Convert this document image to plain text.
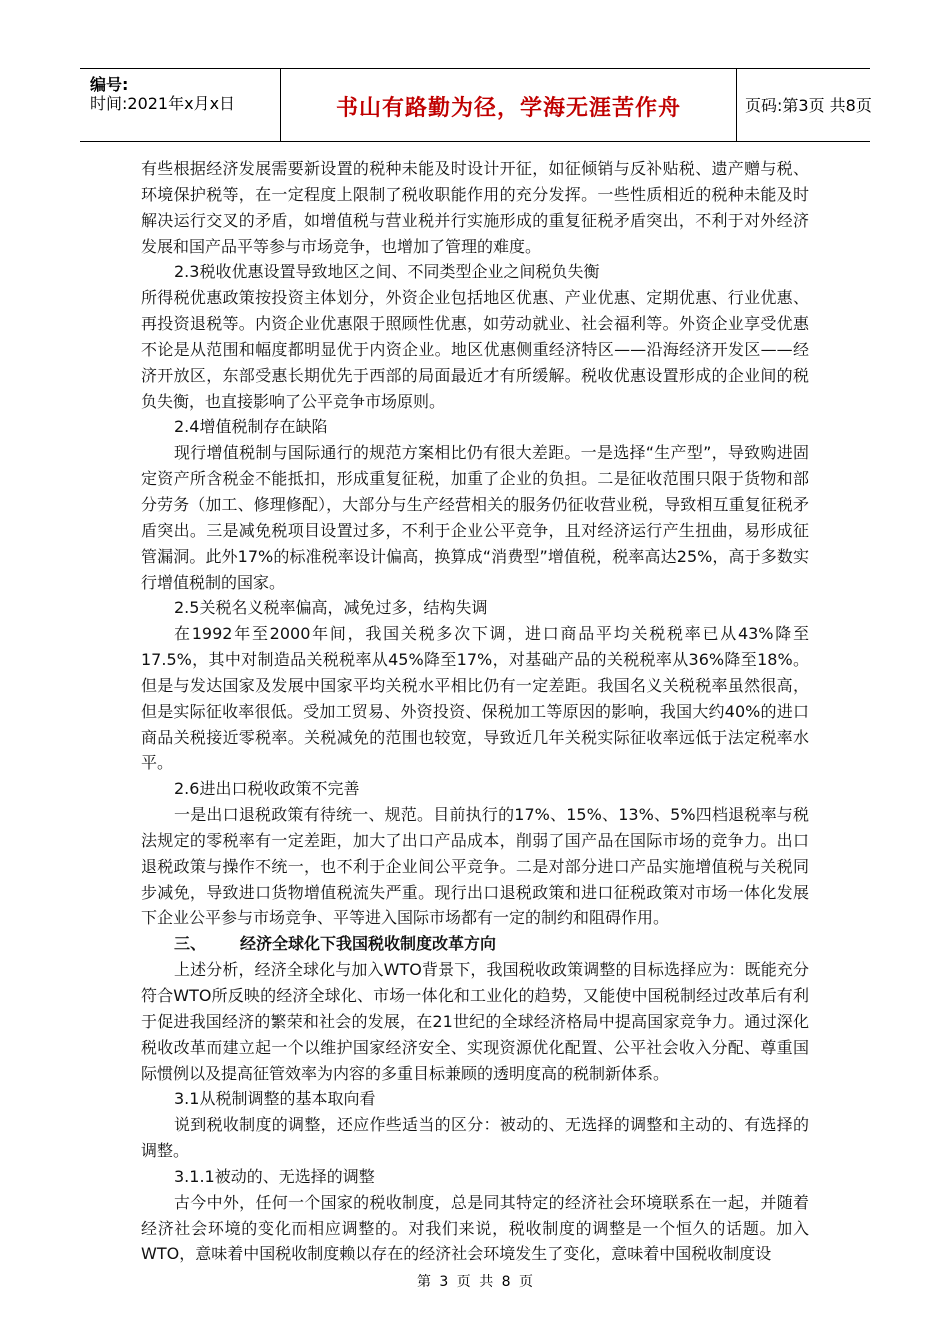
编号:
时间:2021年x月x日	书山有路勤为径，学海无涯苦作舟	页码:第3页 共8页

有些根据经济发展需要新设置的税种未能及时设计开征，如征倾销与反补贴税、遗产赠与税、环境保护税等，在一定程度上限制了税收职能作用的充分发挥。一些性质相近的税种未能及时解决运行交叉的矛盾，如增值税与营业税并行实施形成的重复征税矛盾突出，不利于对外经济发展和国产品平等参与市场竞争，也增加了管理的难度。

2.3税收优惠设置导致地区之间、不同类型企业之间税负失衡

所得税优惠政策按投资主体划分，外资企业包括地区优惠、产业优惠、定期优惠、行业优惠、再投资退税等。内资企业优惠限于照顾性优惠，如劳动就业、社会福利等。外资企业享受优惠不论是从范围和幅度都明显优于内资企业。地区优惠侧重经济特区——沿海经济开发区——经济开放区，东部受惠长期优先于西部的局面最近才有所缓解。税收优惠设置形成的企业间的税负失衡，也直接影响了公平竞争市场原则。

2.4增值税制存在缺陷

现行增值税制与国际通行的规范方案相比仍有很大差距。一是选择“生产型”，导致购进固定资产所含税金不能抵扣，形成重复征税，加重了企业的负担。二是征收范围只限于货物和部分劳务（加工、修理修配），大部分与生产经营相关的服务仍征收营业税，导致相互重复征税矛盾突出。三是减免税项目设置过多，不利于企业公平竞争，且对经济运行产生扭曲，易形成征管漏洞。此外17%的标准税率设计偏高，换算成“消费型”增值税，税率高达25%，高于多数实行增值税制的国家。

2.5关税名义税率偏高，减免过多，结构失调

在1992年至2000年间，我国关税多次下调，进口商品平均关税税率已从43%降至17.5%，其中对制造品关税税率从45%降至17%，对基础产品的关税税率从36%降至18%。但是与发达国家及发展中国家平均关税水平相比仍有一定差距。我国名义关税税率虽然很高，但是实际征收率很低。受加工贸易、外资投资、保税加工等原因的影响，我国大约40%的进口商品关税接近零税率。关税减免的范围也较宽，导致近几年关税实际征收率远低于法定税率水平。

2.6进出口税收政策不完善

一是出口退税政策有待统一、规范。目前执行的17%、15%、13%、5%四档退税率与税法规定的零税率有一定差距，加大了出口产品成本，削弱了国产品在国际市场的竞争力。出口退税政策与操作不统一，也不利于企业间公平竞争。二是对部分进口产品实施增值税与关税同步减免，导致进口货物增值税流失严重。现行出口退税政策和进口征税政策对市场一体化发展下企业公平参与市场竞争、平等进入国际市场都有一定的制约和阻碍作用。

三、 经济全球化下我国税收制度改革方向

上述分析，经济全球化与加入WTO背景下，我国税收政策调整的目标选择应为：既能充分符合WTO所反映的经济全球化、市场一体化和工业化的趋势，又能使中国税制经过改革后有利于促进我国经济的繁荣和社会的发展，在21世纪的全球经济格局中提高国家竞争力。通过深化税收改革而建立起一个以维护国家经济安全、实现资源优化配置、公平社会收入分配、尊重国际惯例以及提高征管效率为内容的多重目标兼顾的透明度高的税制新体系。

3.1从税制调整的基本取向看

说到税收制度的调整，还应作些适当的区分：被动的、无选择的调整和主动的、有选择的调整。

3.1.1被动的、无选择的调整

古今中外，任何一个国家的税收制度，总是同其特定的经济社会环境联系在一起，并随着经济社会环境的变化而相应调整的。对我们来说，税收制度的调整是一个恒久的话题。加入WTO，意味着中国税收制度赖以存在的经济社会环境发生了变化，意味着中国税收制度设

第 3 页 共 8 页
